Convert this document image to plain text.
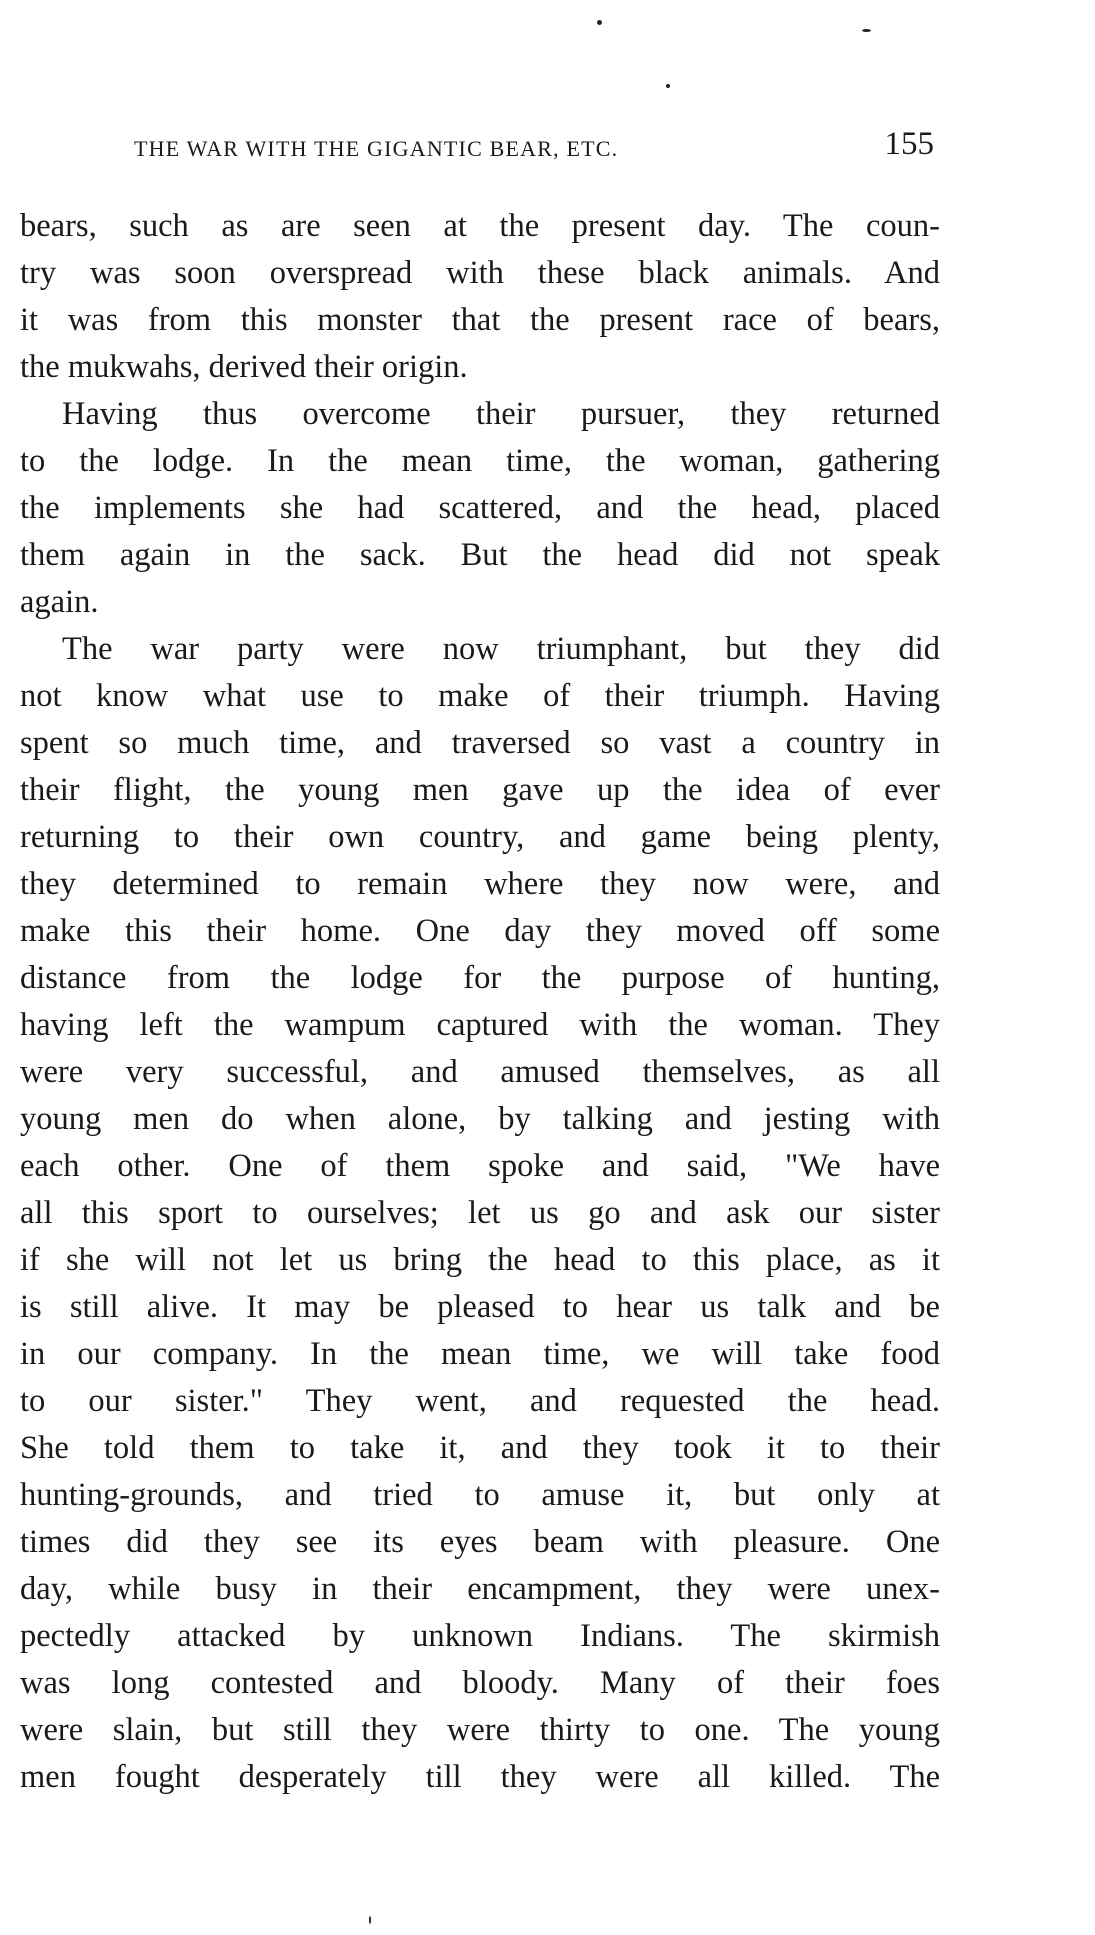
THE WAR WITH THE GIGANTIC BEAR, ETC.	155
bears, such as are seen at the present day. The coun-
try was soon overspread with these black animals. And
it was from this monster that the present race of bears,
the mukwahs, derived their origin.
Having thus overcome their pursuer, they returned
to the lodge. In the mean time, the woman, gathering
the implements she had scattered, and the head, placed
them again in the sack. But the head did not speak
again.
The war party were now triumphant, but they did
not know what use to make of their triumph. Having
spent so much time, and traversed so vast a country in
their flight, the young men gave up the idea of ever
returning to their own country, and game being plenty,
they determined to remain where they now were, and
make this their home. One day they moved off some
distance from the lodge for the purpose of hunting,
having left the wampum captured with the woman. They
were very successful, and amused themselves, as all
young men do when alone, by talking and jesting with
each other. One of them spoke and said, "We have
all this sport to ourselves; let us go and ask our sister
if she will not let us bring the head to this place, as it
is still alive. It may be pleased to hear us talk and be
in our company. In the mean time, we will take food
to our sister." They went, and requested the head.
She told them to take it, and they took it to their
hunting-grounds, and tried to amuse it, but only at
times did they see its eyes beam with pleasure. One
day, while busy in their encampment, they were unex-
pectedly attacked by unknown Indians. The skirmish
was long contested and bloody. Many of their foes
were slain, but still they were thirty to one. The young
men fought desperately till they were all killed. The
